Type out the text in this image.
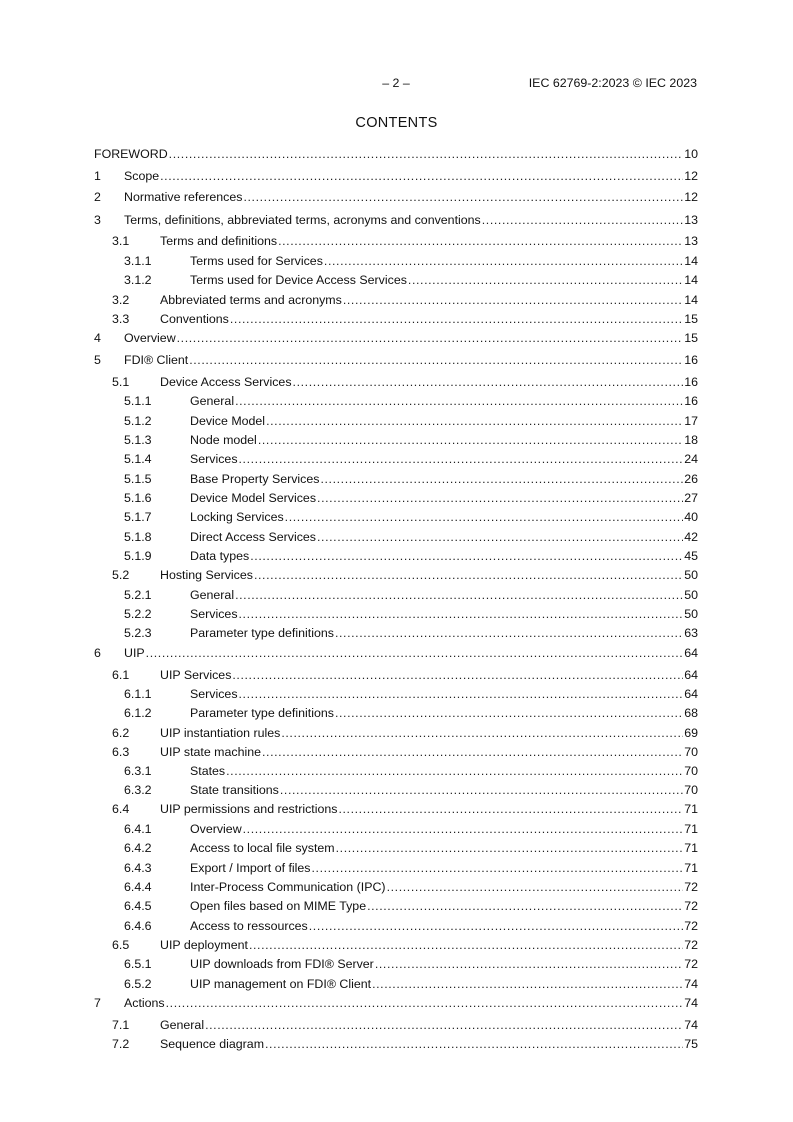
– 2 –	IEC 62769-2:2023 © IEC 2023
CONTENTS
FOREWORD .....	10
1	Scope .....	12
2	Normative references .....	12
3	Terms, definitions, abbreviated terms, acronyms and conventions .....	13
3.1	Terms and definitions .....	13
3.1.1	Terms used for Services .....	14
3.1.2	Terms used for Device Access Services .....	14
3.2	Abbreviated terms and acronyms .....	14
3.3	Conventions .....	15
4	Overview .....	15
5	FDI® Client .....	16
5.1	Device Access Services .....	16
5.1.1	General .....	16
5.1.2	Device Model .....	17
5.1.3	Node model .....	18
5.1.4	Services .....	24
5.1.5	Base Property Services .....	26
5.1.6	Device Model Services .....	27
5.1.7	Locking Services .....	40
5.1.8	Direct Access Services .....	42
5.1.9	Data types .....	45
5.2	Hosting Services .....	50
5.2.1	General .....	50
5.2.2	Services .....	50
5.2.3	Parameter type definitions .....	63
6	UIP .....	64
6.1	UIP Services .....	64
6.1.1	Services .....	64
6.1.2	Parameter type definitions .....	68
6.2	UIP instantiation rules .....	69
6.3	UIP state machine .....	70
6.3.1	States .....	70
6.3.2	State transitions .....	70
6.4	UIP permissions and restrictions .....	71
6.4.1	Overview .....	71
6.4.2	Access to local file system .....	71
6.4.3	Export / Import of files .....	71
6.4.4	Inter-Process Communication (IPC) .....	72
6.4.5	Open files based on MIME Type .....	72
6.4.6	Access to ressources .....	72
6.5	UIP deployment .....	72
6.5.1	UIP downloads from FDI® Server .....	72
6.5.2	UIP management on FDI® Client .....	74
7	Actions .....	74
7.1	General .....	74
7.2	Sequence diagram .....	75
